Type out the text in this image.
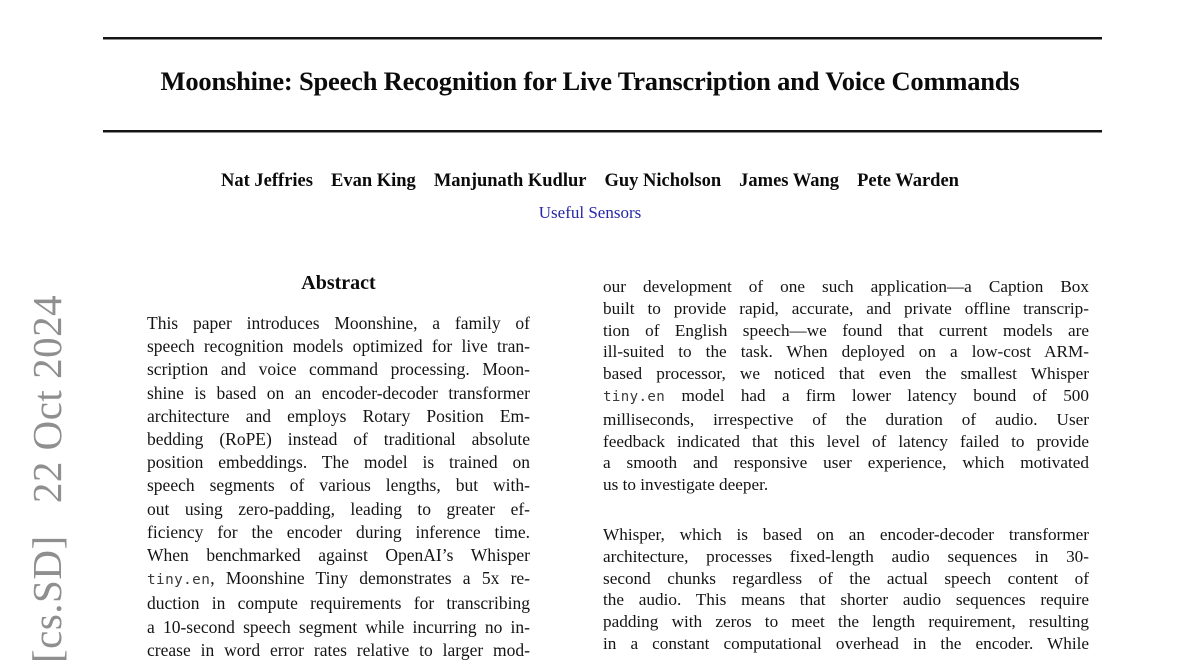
[cs.SD]   22 Oct 2024
Moonshine: Speech Recognition for Live Transcription and Voice Commands
Nat Jeffries Evan King Manjunath Kudlur Guy Nicholson James Wang Pete Warden
Useful Sensors
Abstract
This paper introduces Moonshine, a family of
speech recognition models optimized for live tran-
scription and voice command processing. Moon-
shine is based on an encoder-decoder transformer
architecture and employs Rotary Position Em-
bedding (RoPE) instead of traditional absolute
position embeddings. The model is trained on
speech segments of various lengths, but with-
out using zero-padding, leading to greater ef-
ficiency for the encoder during inference time.
When benchmarked against OpenAI’s Whisper
tiny.en, Moonshine Tiny demonstrates a 5x re-
duction in compute requirements for transcribing
a 10-second speech segment while incurring no in-
crease in word error rates relative to larger mod-
our development of one such application—a Caption Box
built to provide rapid, accurate, and private offline transcrip-
tion of English speech—we found that current models are
ill-suited to the task. When deployed on a low-cost ARM-
based processor, we noticed that even the smallest Whisper
tiny.en model had a firm lower latency bound of 500
milliseconds, irrespective of the duration of audio. User
feedback indicated that this level of latency failed to provide
a smooth and responsive user experience, which motivated
us to investigate deeper.
Whisper, which is based on an encoder-decoder transformer
architecture, processes fixed-length audio sequences in 30-
second chunks regardless of the actual speech content of
the audio. This means that shorter audio sequences require
padding with zeros to meet the length requirement, resulting
in a constant computational overhead in the encoder. While
